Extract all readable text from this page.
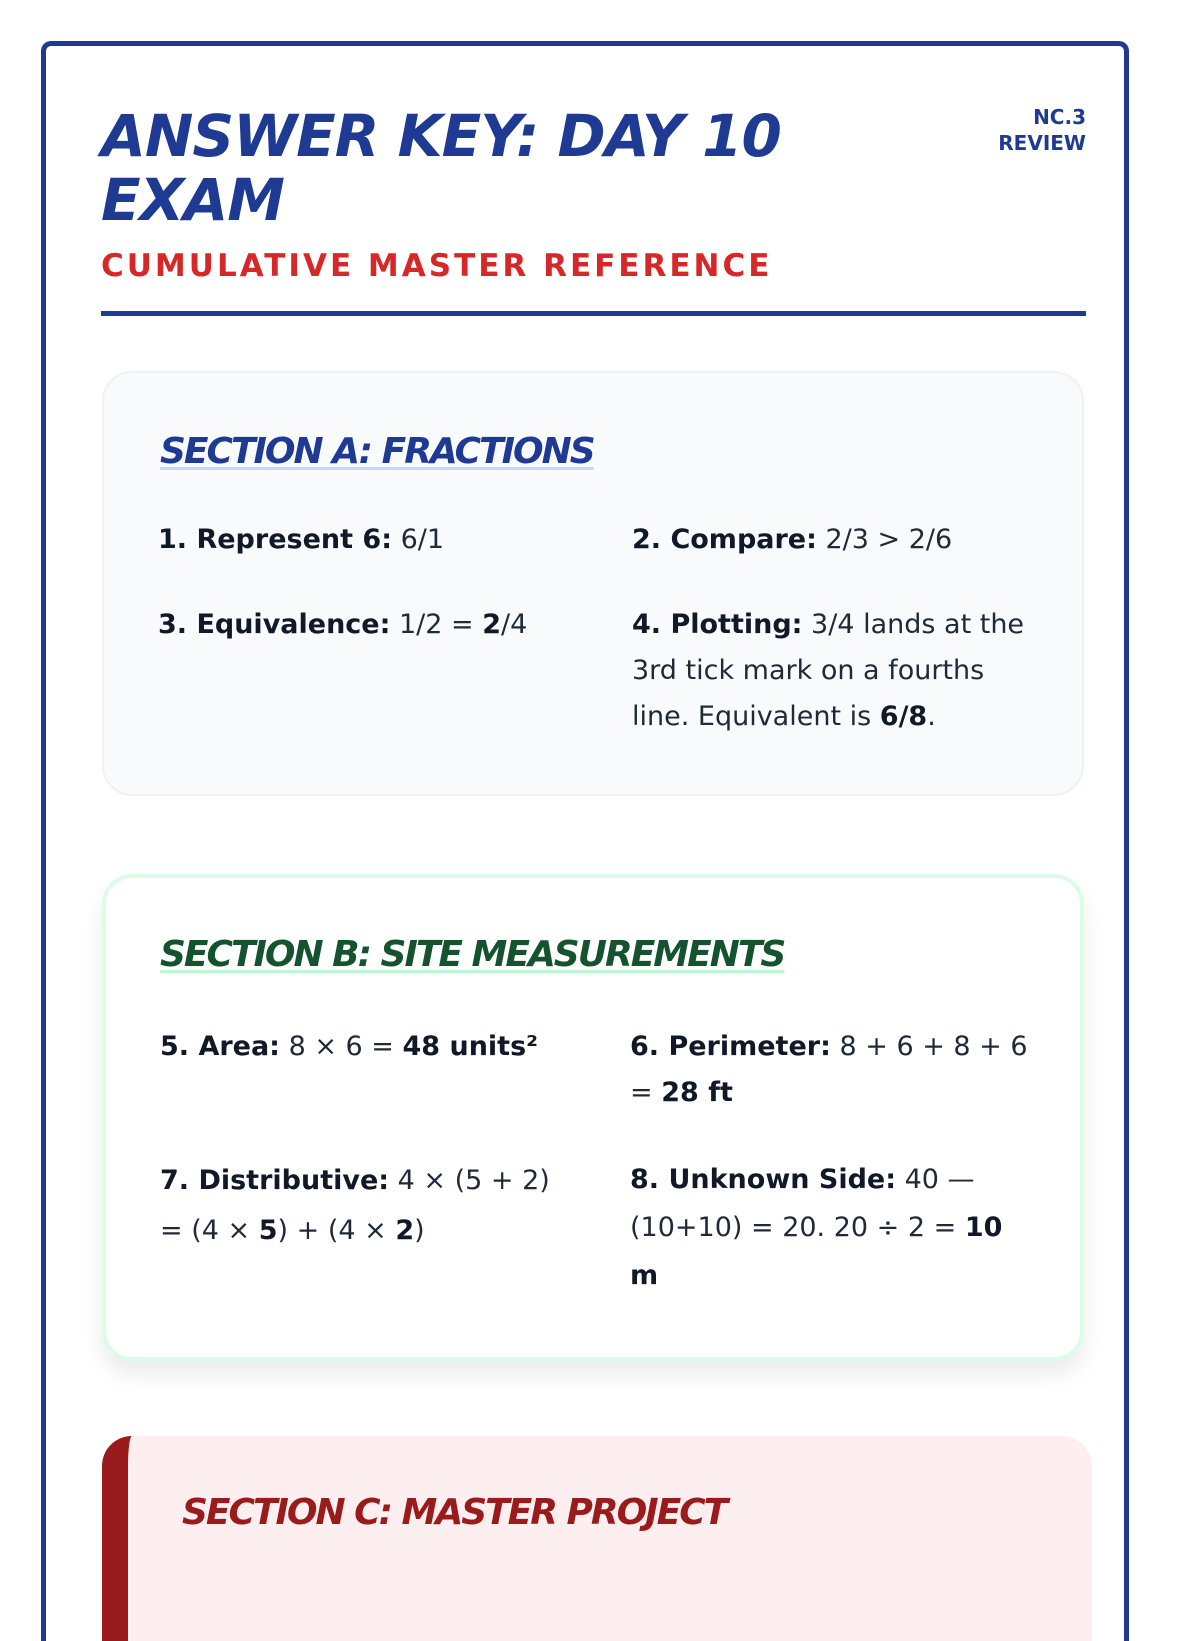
ANSWER KEY: DAY 10 EXAM
CUMULATIVE MASTER REFERENCE
NC.3
REVIEW
SECTION A: FRACTIONS

1. Represent 6: 6/1	2. Compare: 2/3 > 2/6

3. Equivalence: 1/2 = 2/4	4. Plotting: 3/4 lands at the 3rd tick mark on a fourths line. Equivalent is 6/8.

SECTION B: SITE MEASUREMENTS

5. Area: 8 × 6 = 48 units²	6. Perimeter: 8 + 6 + 8 + 6 = 28 ft

7. Distributive: 4 × (5 + 2) = (4 × 5) + (4 × 2)

8. Unknown Side: 40 — (10+10) = 20. 20 ÷ 2 = 10 m

SECTION C: MASTER PROJECT
